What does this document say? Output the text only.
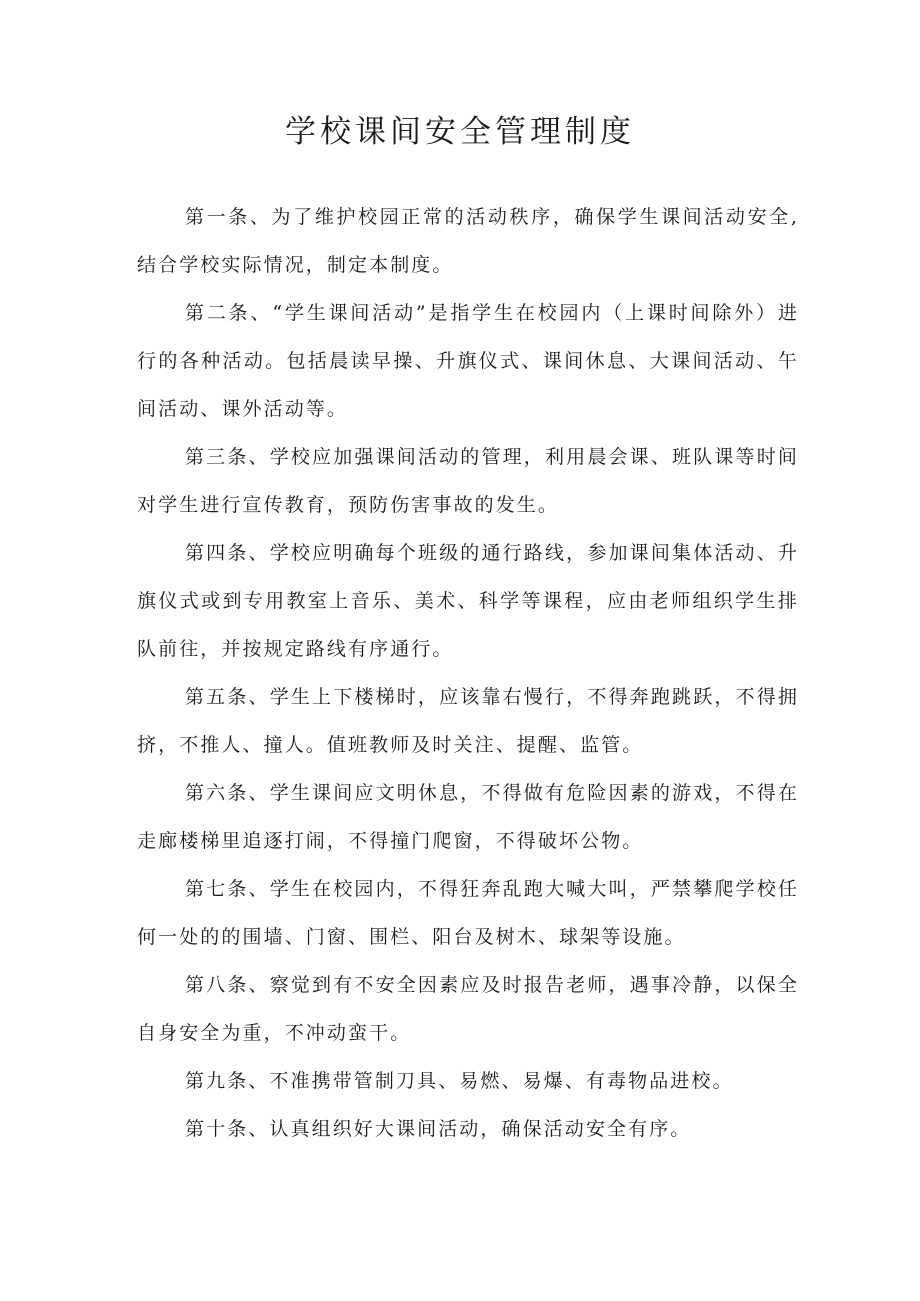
学校课间安全管理制度

第一条、为了维护校园正常的活动秩序，确保学生课间活动安全,结合学校实际情况，制定本制度。

第二条、“学生课间活动”是指学生在校园内（上课时间除外）进行的各种活动。包括晨读早操、升旗仪式、课间休息、大课间活动、午间活动、课外活动等。

第三条、学校应加强课间活动的管理，利用晨会课、班队课等时间对学生进行宣传教育，预防伤害事故的发生。

第四条、学校应明确每个班级的通行路线，参加课间集体活动、升旗仪式或到专用教室上音乐、美术、科学等课程，应由老师组织学生排队前往，并按规定路线有序通行。

第五条、学生上下楼梯时，应该靠右慢行，不得奔跑跳跃，不得拥挤，不推人、撞人。值班教师及时关注、提醒、监管。

第六条、学生课间应文明休息，不得做有危险因素的游戏，不得在走廊楼梯里追逐打闹，不得撞门爬窗，不得破坏公物。

第七条、学生在校园内，不得狂奔乱跑大喊大叫，严禁攀爬学校任何一处的的围墙、门窗、围栏、阳台及树木、球架等设施。

第八条、察觉到有不安全因素应及时报告老师，遇事冷静，以保全自身安全为重，不冲动蛮干。

第九条、不准携带管制刀具、易燃、易爆、有毒物品进校。

第十条、认真组织好大课间活动，确保活动安全有序。
